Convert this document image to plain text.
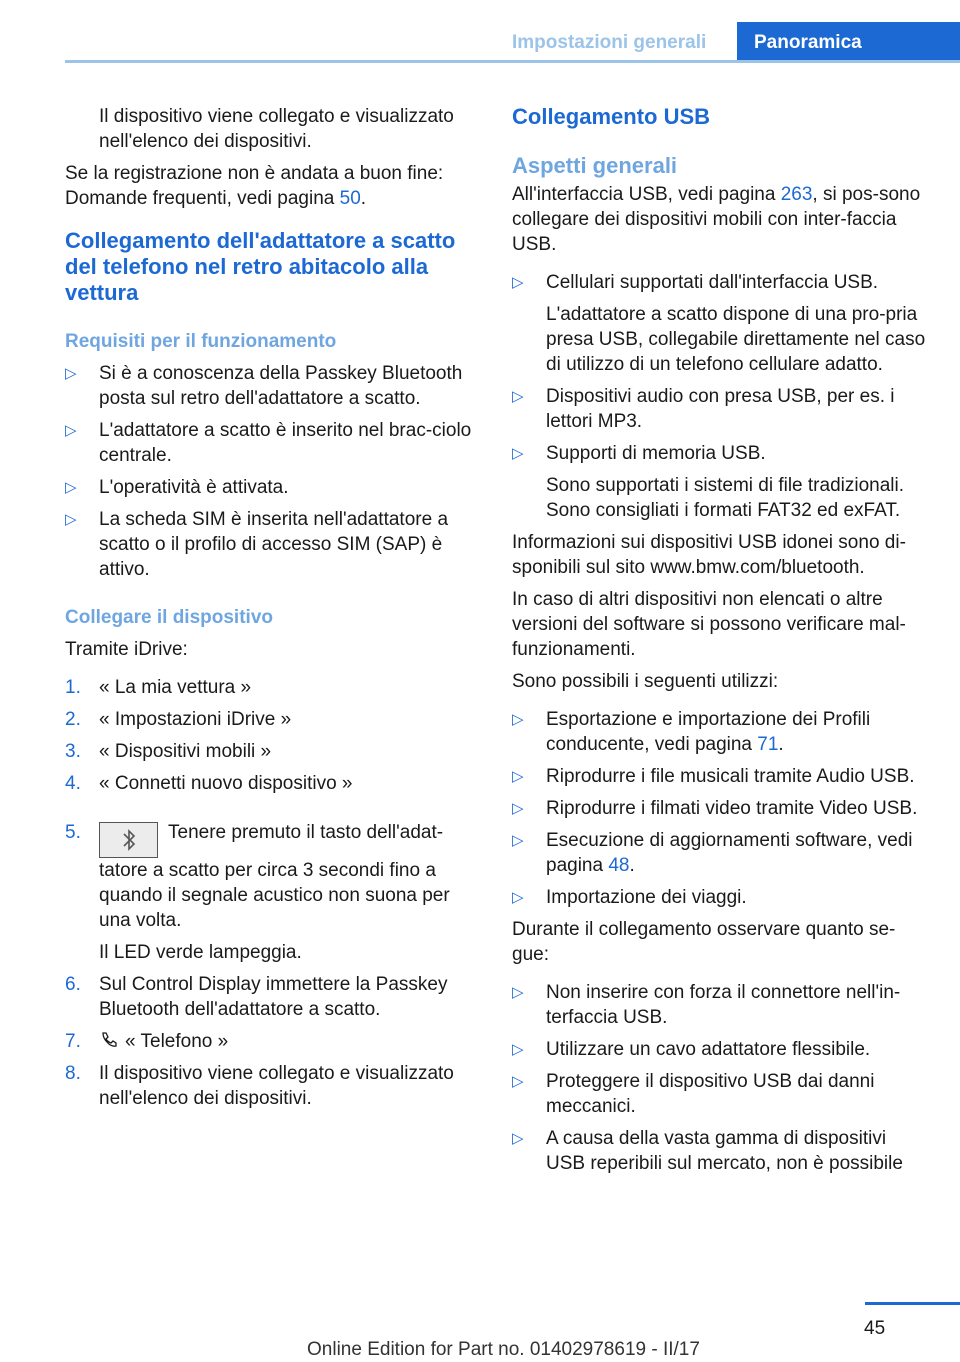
Impostazioni generali	Panoramica

Il dispositivo viene collegato e visualizzato nell'elenco dei dispositivi.

Se la registrazione non è andata a buon fine: Domande frequenti, vedi pagina 50.

Collegamento dell'adattatore a scatto del telefono nel retro abitacolo alla vettura

Requisiti per il funzionamento

▷ Si è a conoscenza della Passkey Bluetooth posta sul retro dell'adattatore a scatto.
▷ L'adattatore a scatto è inserito nel brac‐ciolo centrale.
▷ L'operatività è attivata.
▷ La scheda SIM è inserita nell'adattatore a scatto o il profilo di accesso SIM (SAP) è attivo.

Collegare il dispositivo

Tramite iDrive:

1. « La mia vettura »
2. « Impostazioni iDrive »
3. « Dispositivi mobili »
4. « Connetti nuovo dispositivo »
5.	Tenere premuto il tasto dell'adat‐tatore a scatto per circa 3 secondi fino a quando il segnale acustico non suona per una volta.
Il LED verde lampeggia.
6. Sul Control Display immettere la Passkey Bluetooth dell'adattatore a scatto.
7. « Telefono »
8. Il dispositivo viene collegato e visualizzato nell'elenco dei dispositivi.

Collegamento USB

Aspetti generali

All'interfaccia USB, vedi pagina 263, si pos‐sono collegare dei dispositivi mobili con inter‐faccia USB.

▷ Cellulari supportati dall'interfaccia USB.
L'adattatore a scatto dispone di una pro‐pria presa USB, collegabile direttamente nel caso di utilizzo di un telefono cellulare adatto.
▷ Dispositivi audio con presa USB, per es. i lettori MP3.
▷ Supporti di memoria USB.
Sono supportati i sistemi di file tradizionali. Sono consigliati i formati FAT32 ed exFAT.

Informazioni sui dispositivi USB idonei sono di‐sponibili sul sito www.bmw.com/bluetooth.

In caso di altri dispositivi non elencati o altre versioni del software si possono verificare mal‐funzionamenti.

Sono possibili i seguenti utilizzi:

▷ Esportazione e importazione dei Profili conducente, vedi pagina 71.
▷ Riprodurre i file musicali tramite Audio USB.
▷ Riprodurre i filmati video tramite Video USB.
▷ Esecuzione di aggiornamenti software, vedi pagina 48.
▷ Importazione dei viaggi.

Durante il collegamento osservare quanto se‐gue:

▷ Non inserire con forza il connettore nell'in‐terfaccia USB.
▷ Utilizzare un cavo adattatore flessibile.
▷ Proteggere il dispositivo USB dai danni meccanici.
▷ A causa della vasta gamma di dispositivi USB reperibili sul mercato, non è possibile
45
Online Edition for Part no. 01402978619 - II/17
